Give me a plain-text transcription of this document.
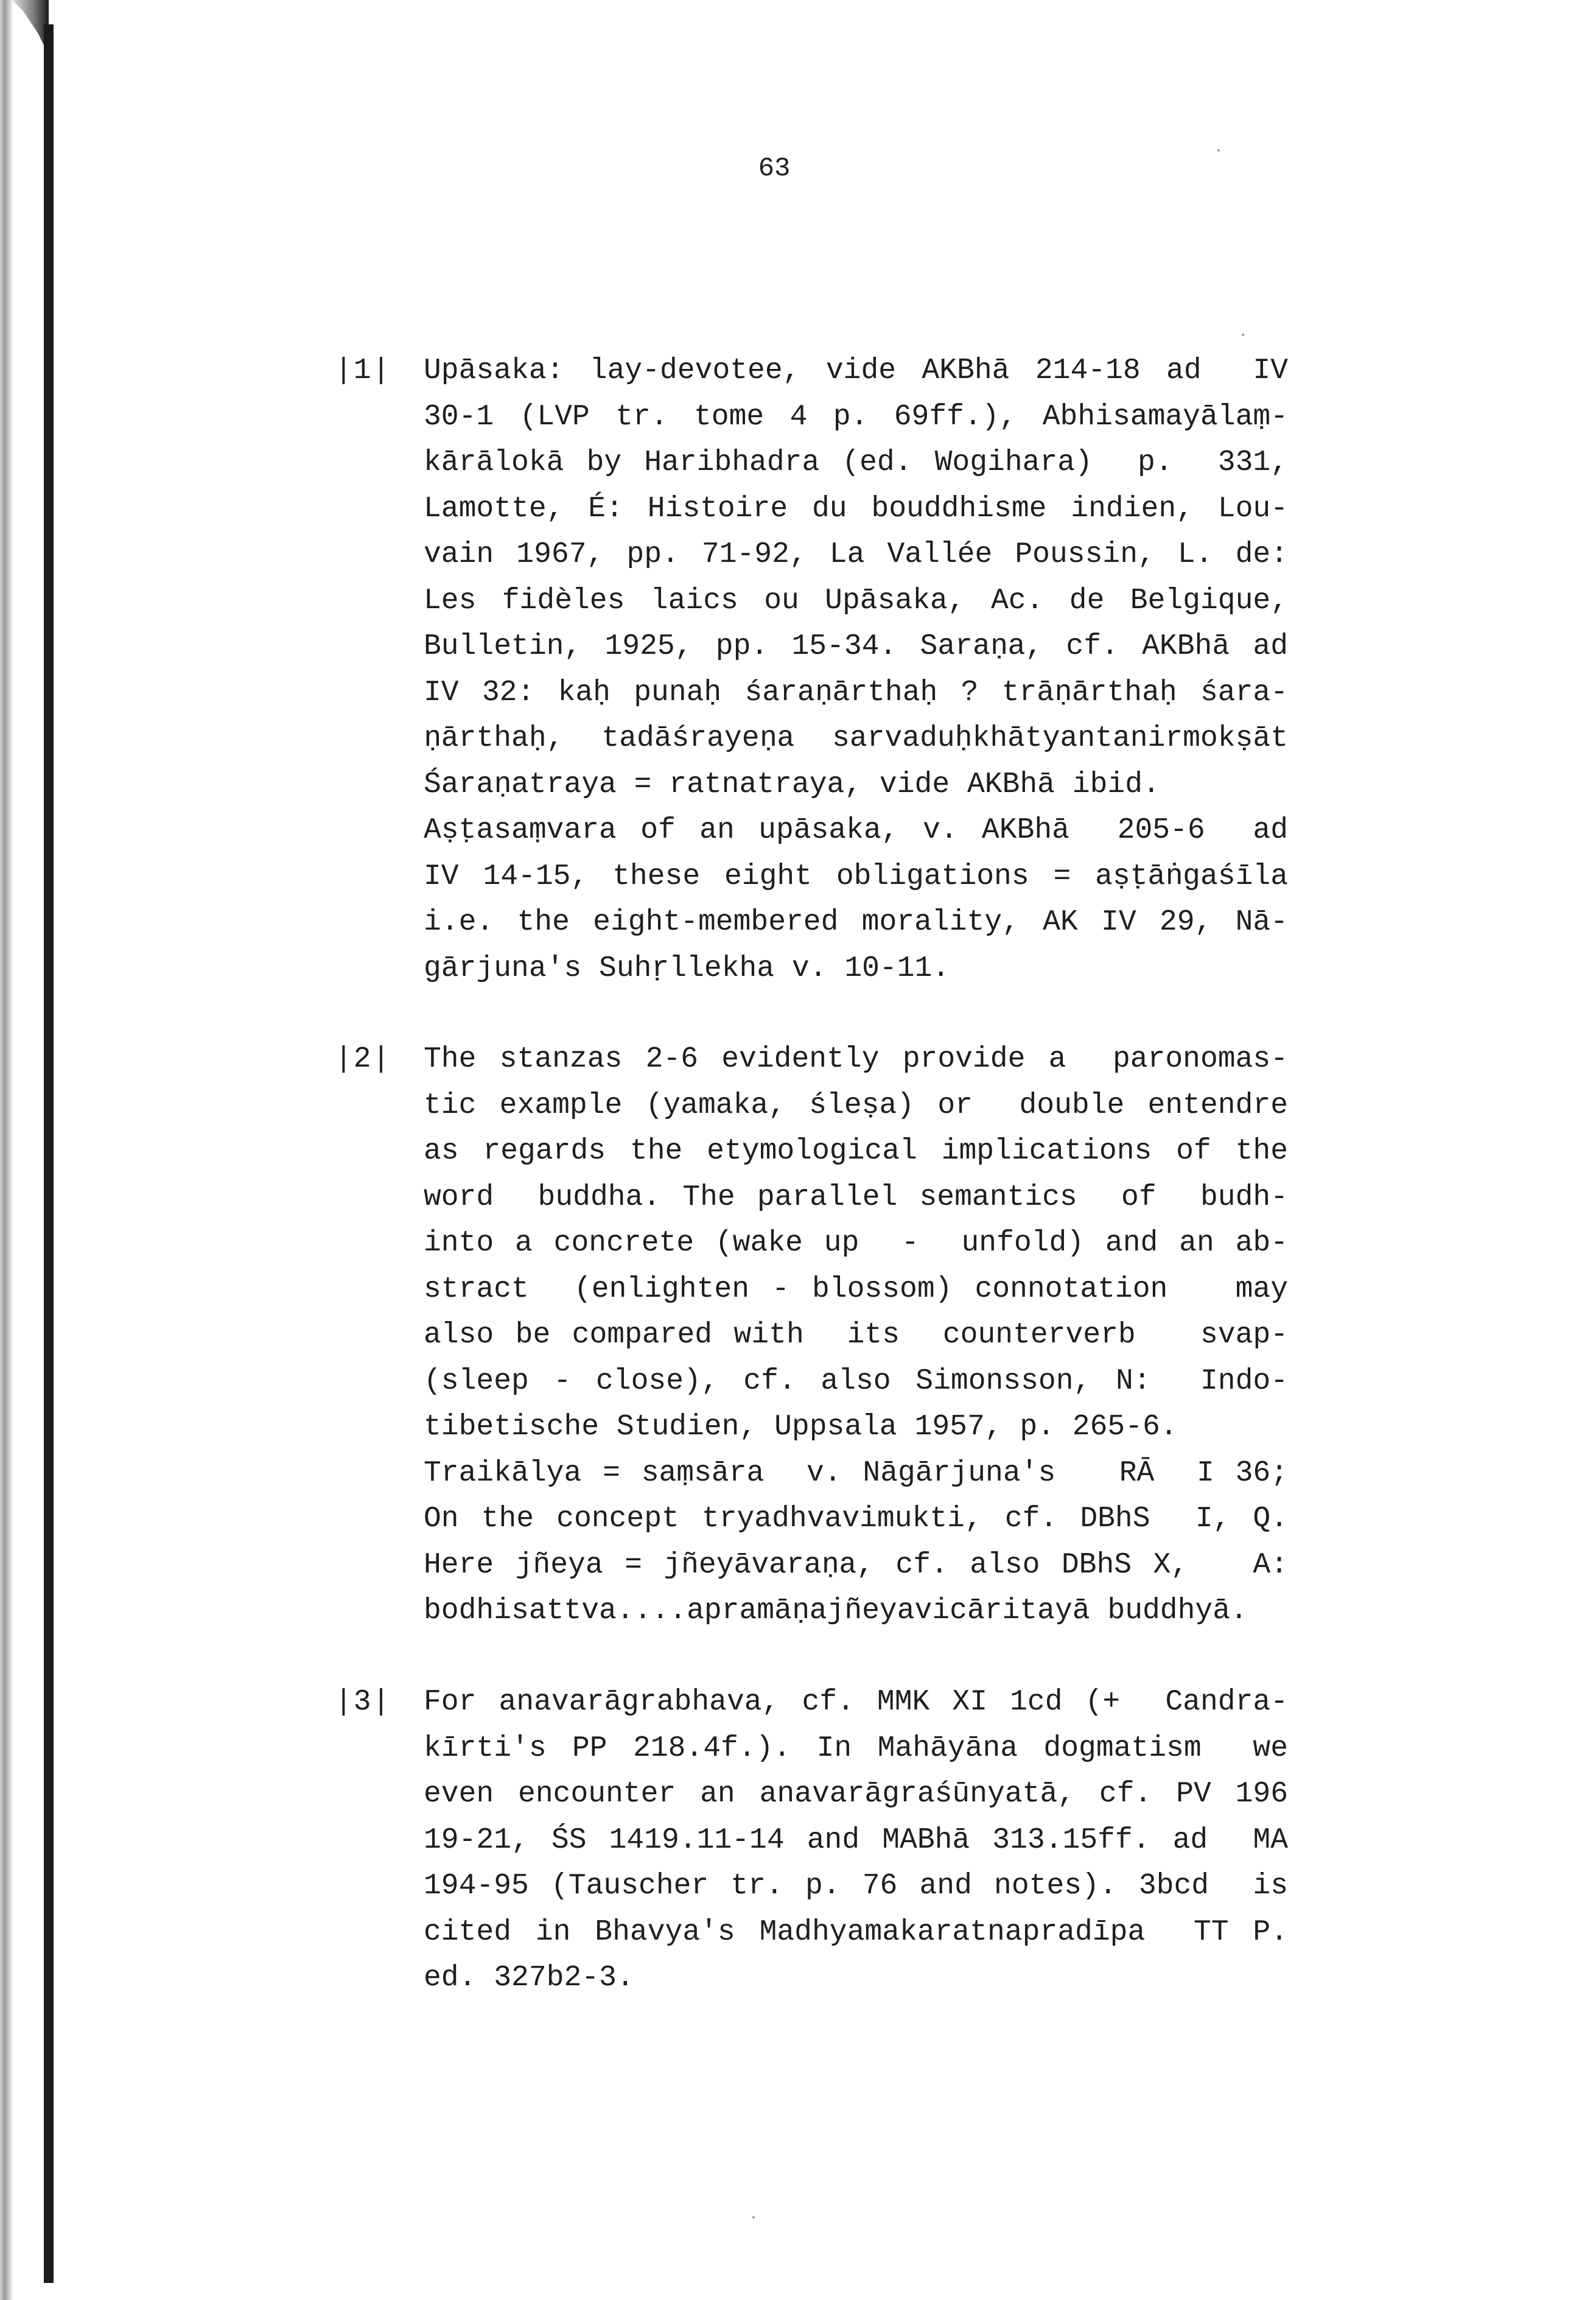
63
|1| Upāsaka: lay-devotee, vide AKBhā 214-18 ad  IV
30-1 (LVP tr. tome 4 p. 69ff.), Abhisamayālaṃ-
kārālokā by Haribhadra (ed. Wogihara)  p.  331,
Lamotte, É: Histoire du bouddhisme indien, Lou-
vain 1967, pp. 71-92, La Vallée Poussin, L. de:
Les fidèles laics ou Upāsaka, Ac. de Belgique,
Bulletin, 1925, pp. 15-34. Saraṇa, cf. AKBhā ad
IV 32: kaḥ punaḥ śaraṇārthaḥ ? trāṇārthaḥ śara-
ṇārthaḥ, tadāśrayeṇa sarvaduḥkhātyantanirmokṣāt
Śaraṇatraya = ratnatraya, vide AKBhā ibid.
Aṣṭasaṃvara of an upāsaka, v. AKBhā  205-6  ad
IV 14-15, these eight obligations = aṣṭāṅgaśīla
i.e. the eight-membered morality, AK IV 29, Nā-
gārjuna's Suhṛllekha v. 10-11.
|2| The stanzas 2-6 evidently provide a  paronomas-
tic example (yamaka, śleṣa) or  double entendre
as regards the etymological implications of the
word  buddha. The parallel semantics  of  budh-
into a concrete (wake up  -  unfold) and an ab-
stract  (enlighten - blossom) connotation   may
also be compared with  its  counterverb   svap-
(sleep - close), cf. also Simonsson, N:  Indo-
tibetische Studien, Uppsala 1957, p. 265-6.
Traikālya = saṃsāra  v. Nāgārjuna's   RĀ  I 36;
On the concept tryadhvavimukti, cf. DBhS  I, Q.
Here jñeya = jñeyāvaraṇa, cf. also DBhS X,   A:
bodhisattva....apramāṇajñeyavicāritayā buddhyā.
|3| For anavarāgrabhava, cf. MMK XI 1cd (+  Candra-
kīrti's PP 218.4f.). In Mahāyāna dogmatism  we
even encounter an anavarāgraśūnyatā, cf. PV 196
19-21, ŚS 1419.11-14 and MABhā 313.15ff. ad  MA
194-95 (Tauscher tr. p. 76 and notes). 3bcd  is
cited in Bhavya's Madhyamakaratnapradīpa  TT P.
ed. 327b2-3.
